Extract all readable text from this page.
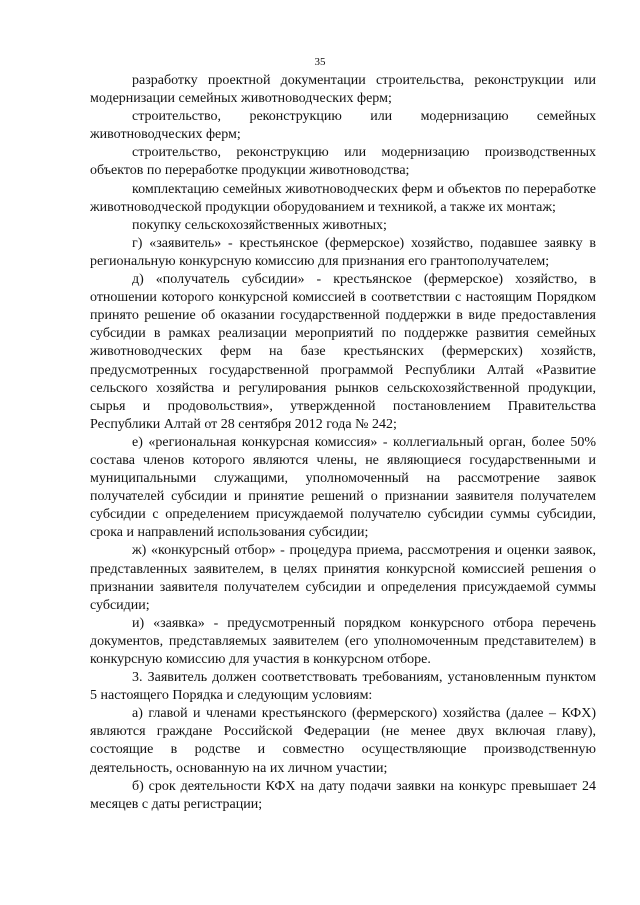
35

разработку проектной документации строительства, реконструкции или модернизации семейных животноводческих ферм;

строительство, реконструкцию или модернизацию семейных животноводческих ферм;

строительство, реконструкцию или модернизацию производственных объектов по переработке продукции животноводства;

комплектацию семейных животноводческих ферм и объектов по переработке животноводческой продукции оборудованием и техникой, а также их монтаж;

покупку сельскохозяйственных животных;

г) «заявитель» - крестьянское (фермерское) хозяйство, подавшее заявку в региональную конкурсную комиссию для признания его грантополучателем;

д) «получатель субсидии» - крестьянское (фермерское) хозяйство, в отношении которого конкурсной комиссией в соответствии с настоящим Порядком принято решение об оказании государственной поддержки в виде предоставления субсидии в рамках реализации мероприятий по поддержке развития семейных животноводческих ферм на базе крестьянских (фермерских) хозяйств, предусмотренных государственной программой Республики Алтай «Развитие сельского хозяйства и регулирования рынков сельскохозяйственной продукции, сырья и продовольствия», утвержденной постановлением Правительства Республики Алтай от 28 сентября 2012 года № 242;

е) «региональная конкурсная комиссия» - коллегиальный орган, более 50% состава членов которого являются члены, не являющиеся государственными и муниципальными служащими, уполномоченный на рассмотрение заявок получателей субсидии и принятие решений о признании заявителя получателем субсидии с определением присуждаемой получателю субсидии суммы субсидии, срока и направлений использования субсидии;

ж) «конкурсный отбор» - процедура приема, рассмотрения и оценки заявок, представленных заявителем, в целях принятия конкурсной комиссией решения о признании заявителя получателем субсидии и определения присуждаемой суммы субсидии;

и) «заявка» - предусмотренный порядком конкурсного отбора перечень документов, представляемых заявителем (его уполномоченным представителем) в конкурсную комиссию для участия в конкурсном отборе.

3. Заявитель должен соответствовать требованиям, установленным пунктом 5 настоящего Порядка и следующим условиям:

а) главой и членами крестьянского (фермерского) хозяйства (далее – КФХ) являются граждане Российской Федерации (не менее двух включая главу), состоящие в родстве и совместно осуществляющие производственную деятельность, основанную на их личном участии;

б) срок деятельности КФХ на дату подачи заявки на конкурс превышает 24 месяцев с даты регистрации;
